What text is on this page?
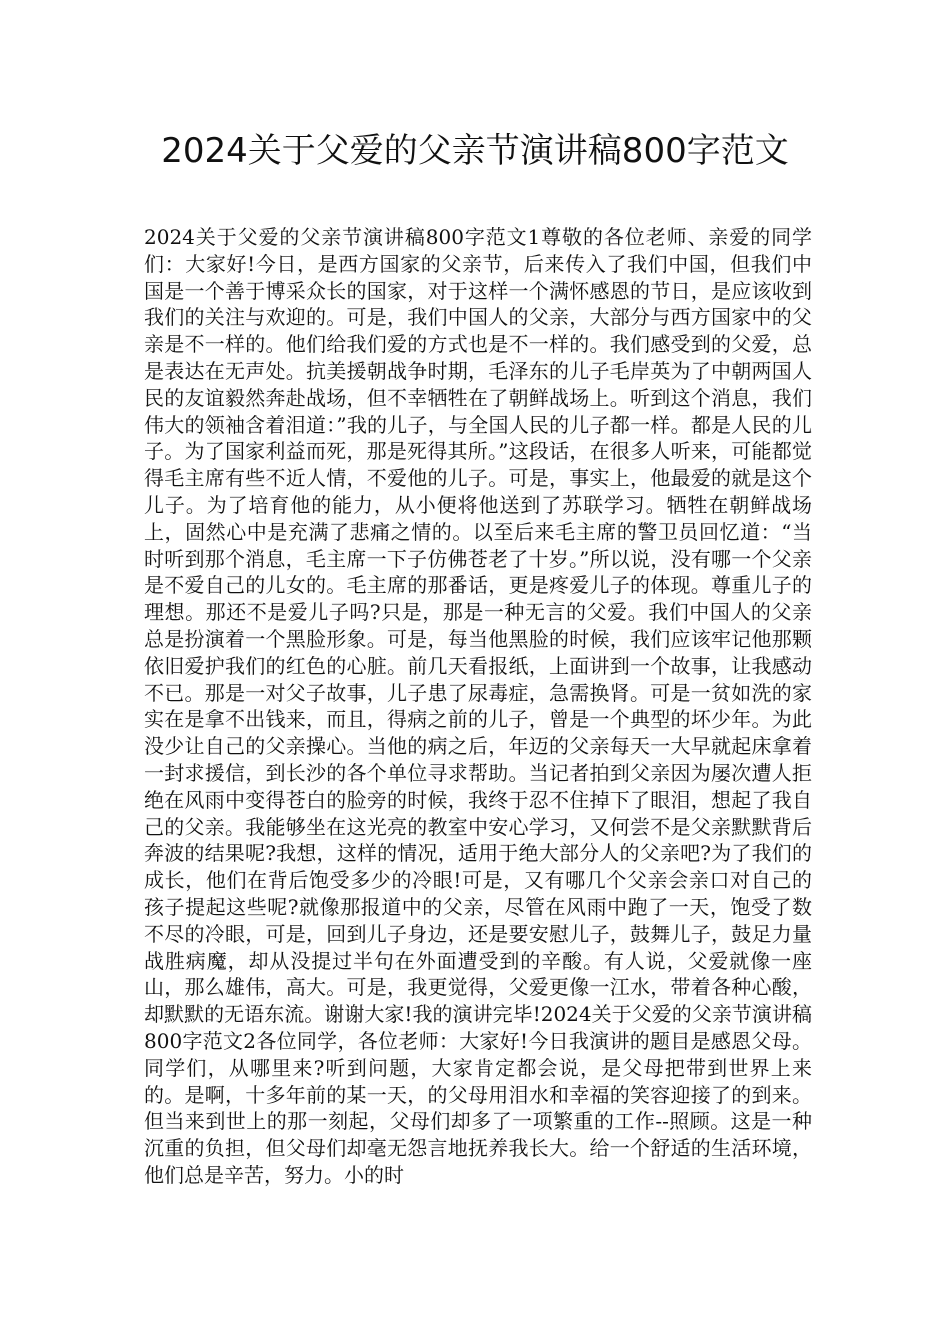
2024关于父爱的父亲节演讲稿800字范文

2024关于父爱的父亲节演讲稿800字范文1尊敬的各位老师、亲爱的同学们：大家好!今日，是西方国家的父亲节，后来传入了我们中国，但我们中国是一个善于博采众长的国家，对于这样一个满怀感恩的节日，是应该收到我们的关注与欢迎的。可是，我们中国人的父亲，大部分与西方国家中的父亲是不一样的。他们给我们爱的方式也是不一样的。我们感受到的父爱，总是表达在无声处。抗美援朝战争时期，毛泽东的儿子毛岸英为了中朝两国人民的友谊毅然奔赴战场，但不幸牺牲在了朝鲜战场上。听到这个消息，我们伟大的领袖含着泪道：”我的儿子，与全国人民的儿子都一样。都是人民的儿子。为了国家利益而死，那是死得其所。”这段话，在很多人听来，可能都觉得毛主席有些不近人情，不爱他的儿子。可是，事实上，他最爱的就是这个儿子。为了培育他的能力，从小便将他送到了苏联学习。牺牲在朝鲜战场上，固然心中是充满了悲痛之情的。以至后来毛主席的警卫员回忆道：“当时听到那个消息，毛主席一下子仿佛苍老了十岁。”所以说，没有哪一个父亲是不爱自己的儿女的。毛主席的那番话，更是疼爱儿子的体现。尊重儿子的理想。那还不是爱儿子吗?只是，那是一种无言的父爱。我们中国人的父亲总是扮演着一个黑脸形象。可是，每当他黑脸的时候，我们应该牢记他那颗依旧爱护我们的红色的心脏。前几天看报纸，上面讲到一个故事，让我感动不已。那是一对父子故事，儿子患了尿毒症，急需换肾。可是一贫如洗的家实在是拿不出钱来，而且，得病之前的儿子，曾是一个典型的坏少年。为此没少让自己的父亲操心。当他的病之后，年迈的父亲每天一大早就起床拿着一封求援信，到长沙的各个单位寻求帮助。当记者拍到父亲因为屡次遭人拒绝在风雨中变得苍白的脸旁的时候，我终于忍不住掉下了眼泪，想起了我自己的父亲。我能够坐在这光亮的教室中安心学习，又何尝不是父亲默默背后奔波的结果呢?我想，这样的情况，适用于绝大部分人的父亲吧?为了我们的成长，他们在背后饱受多少的冷眼!可是，又有哪几个父亲会亲口对自己的孩子提起这些呢?就像那报道中的父亲，尽管在风雨中跑了一天，饱受了数不尽的冷眼，可是，回到儿子身边，还是要安慰儿子，鼓舞儿子，鼓足力量战胜病魔，却从没提过半句在外面遭受到的辛酸。有人说，父爱就像一座山，那么雄伟，高大。可是，我更觉得，父爱更像一江水，带着各种心酸，却默默的无语东流。谢谢大家!我的演讲完毕!2024关于父爱的父亲节演讲稿800字范文2各位同学，各位老师：大家好!今日我演讲的题目是感恩父母。同学们，从哪里来?听到问题，大家肯定都会说，是父母把带到世界上来的。是啊，十多年前的某一天，的父母用泪水和幸福的笑容迎接了的到来。但当来到世上的那一刻起，父母们却多了一项繁重的工作--照顾。这是一种沉重的负担，但父母们却毫无怨言地抚养我长大。给一个舒适的生活环境，他们总是辛苦，努力。小的时
